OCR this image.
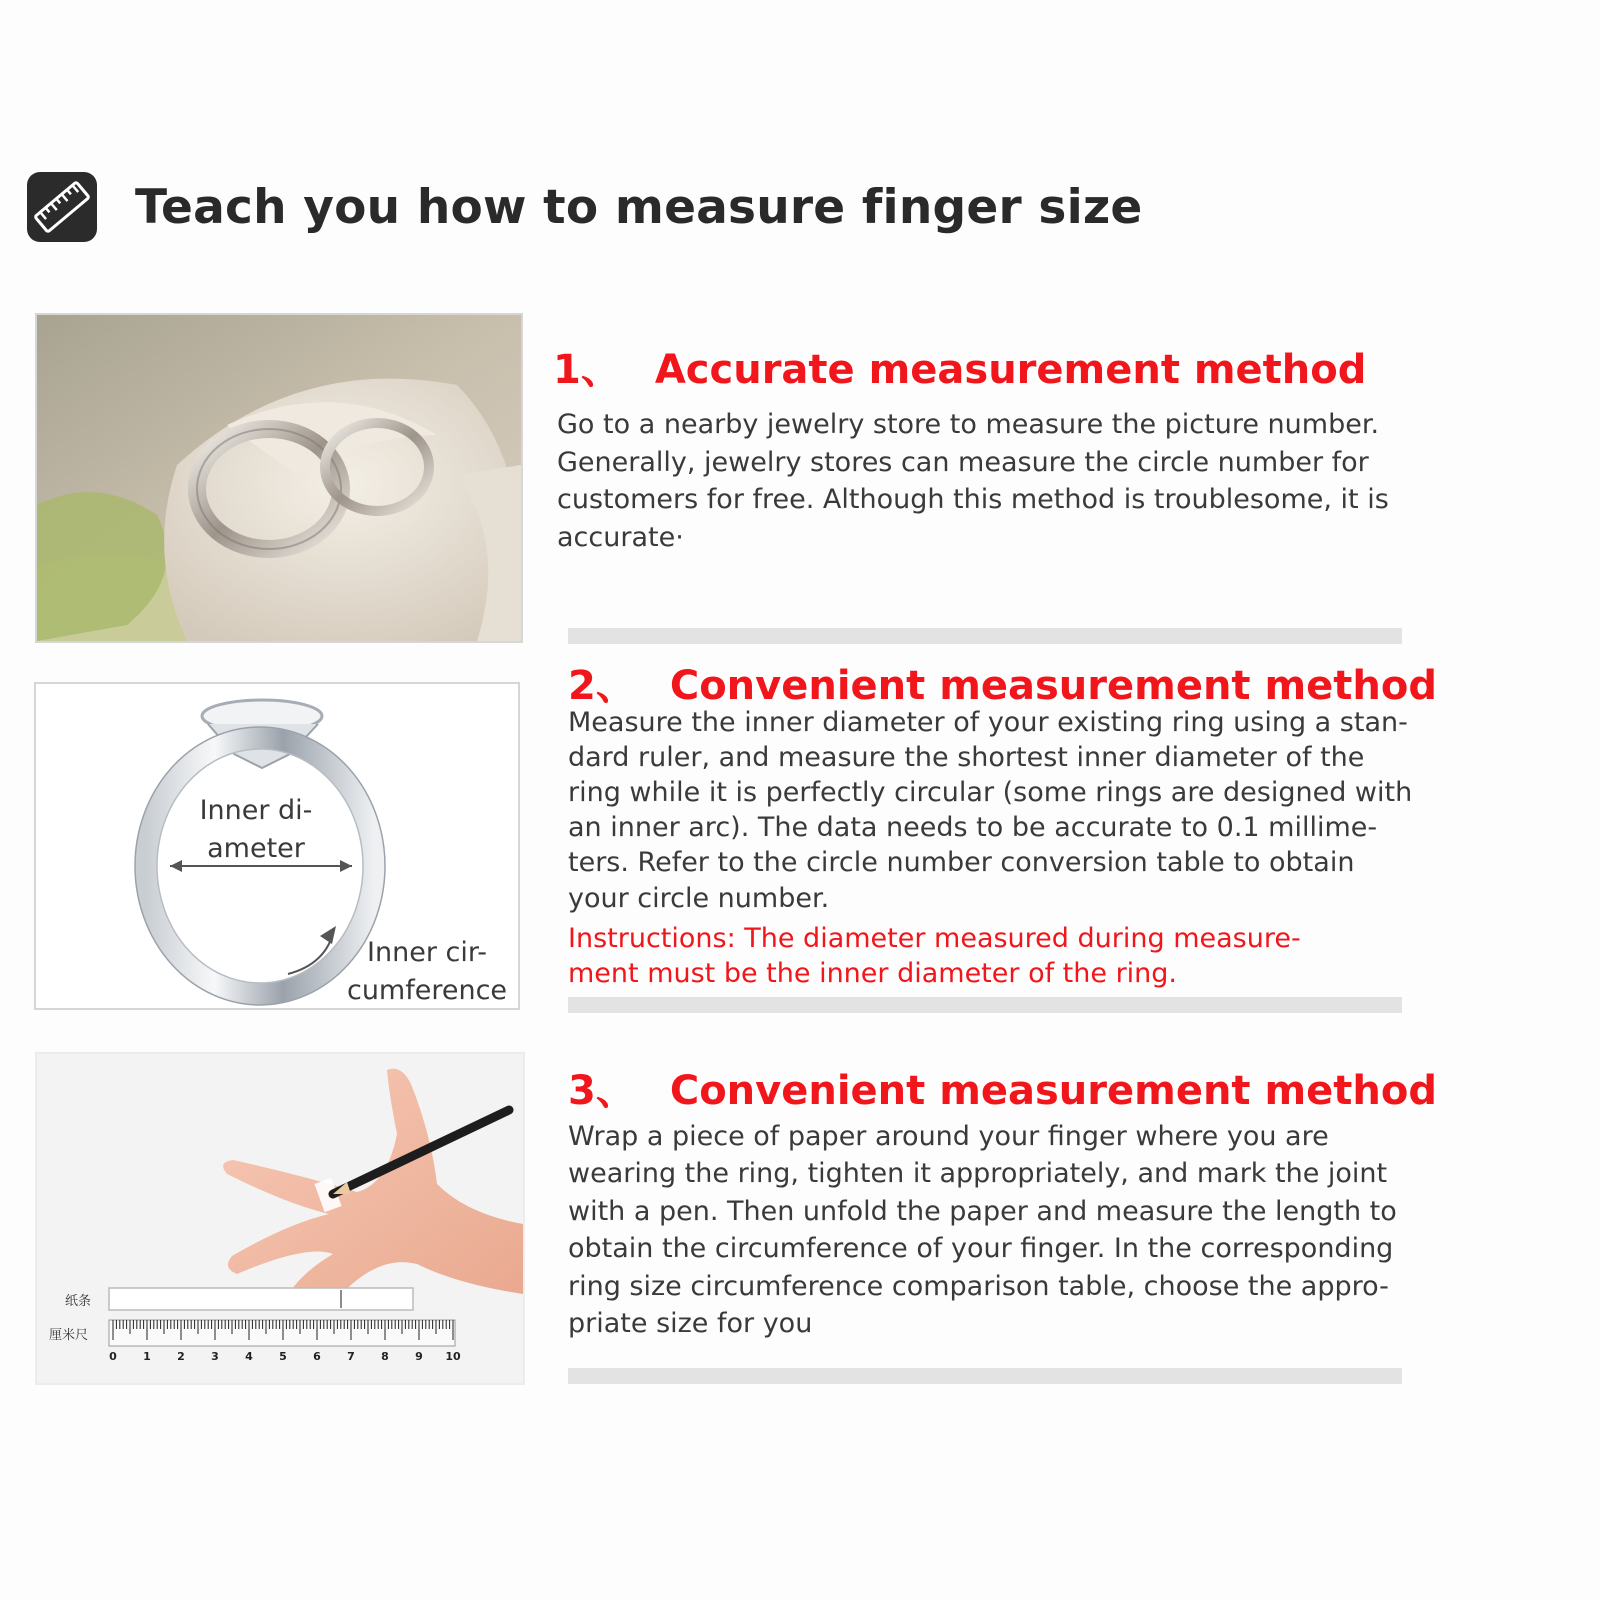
Teach you how to measure finger size
1、 Accurate measurement method
Go to a nearby jewelry store to measure the picture number.
Generally, jewelry stores can measure the circle number for
customers for free. Although this method is troublesome, it is
accurate·
Inner di-
ameter
Inner cir-
cumference
2、 Convenient measurement method
Measure the inner diameter of your existing ring using a stan-
dard ruler, and measure the shortest inner diameter of the
ring while it is perfectly circular (some rings are designed with
an inner arc). The data needs to be accurate to 0.1 millime-
ters. Refer to the circle number conversion table to obtain
your circle number.
Instructions: The diameter measured during measure-
ment must be the inner diameter of the ring.
纸条
厘米尺
0 1 2 3 4 5 6 7 8 9 10
3、 Convenient measurement method
Wrap a piece of paper around your finger where you are
wearing the ring, tighten it appropriately, and mark the joint
with a pen. Then unfold the paper and measure the length to
obtain the circumference of your finger. In the corresponding
ring size circumference comparison table, choose the appro-
priate size for you
